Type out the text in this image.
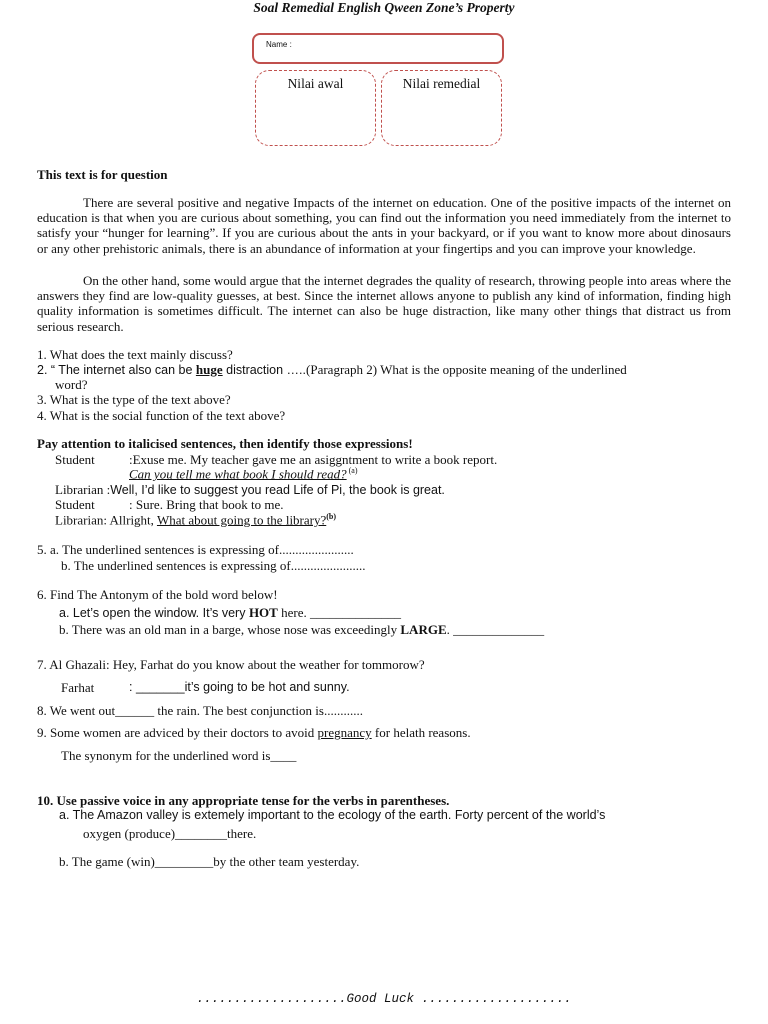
Soal Remedial English Qween Zone’s Property
Name :
Nilai awal	Nilai remedial
This text is for question
There are several positive and negative Impacts of the internet on education. One of the positive impacts of the internet on education is that when you are curious about something, you can find out the information you need immediately from the internet to satisfy your “hunger for learning”. If you are curious about the ants in your backyard, or if you want to know more about dinosaurs or any other prehistoric animals, there is an abundance of information at your fingertips and you can improve your knowledge.
On the other hand, some would argue that the internet degrades the quality of research, throwing people into areas where the answers they find are low-quality guesses, at best. Since the internet allows anyone to publish any kind of information, finding high quality information is sometimes difficult. The internet can also be huge distraction, like many other things that distract us from serious research.
1. What does the text mainly discuss?
2. “ The internet also can be huge distraction …..(Paragraph 2) What is the opposite meaning of the underlined
word?
3. What is the type of the text above?
4. What is the social function of the text above?
Pay attention to italicised sentences, then identify those expressions!
Student	:Exuse me. My teacher gave me an asiggntment to write a book report.
Can you tell me what book I should read? $^{(a)}$
Librarian :Well, I’d like to suggest you read Life of Pi, the book is great.
Student	: Sure. Bring that book to me.
Librarian: Allright, What about going to the library?$^{(b)}$
5. a. The underlined sentences is expressing of.......................
b. The underlined sentences is expressing of.......................
6. Find The Antonym of the bold word below!
a. Let’s open the window. It’s very HOT here. ______________
b. There was an old man in a barge, whose nose was exceedingly LARGE. ______________
7. Al Ghazali: Hey, Farhat do you know about the weather for tommorow?
Farhat	: _______it’s going to be hot and sunny.
8. We went out______ the rain. The best conjunction is............
9. Some women are adviced by their doctors to avoid pregnancy for helath reasons.
The synonym for the underlined word is____
10. Use passive voice in any appropriate tense for the verbs in parentheses.
a. The Amazon valley is extemely important to the ecology of the earth. Forty percent of the world’s
oxygen (produce)________there.
b. The game (win)_________by the other team yesterday.
....................Good Luck ....................
